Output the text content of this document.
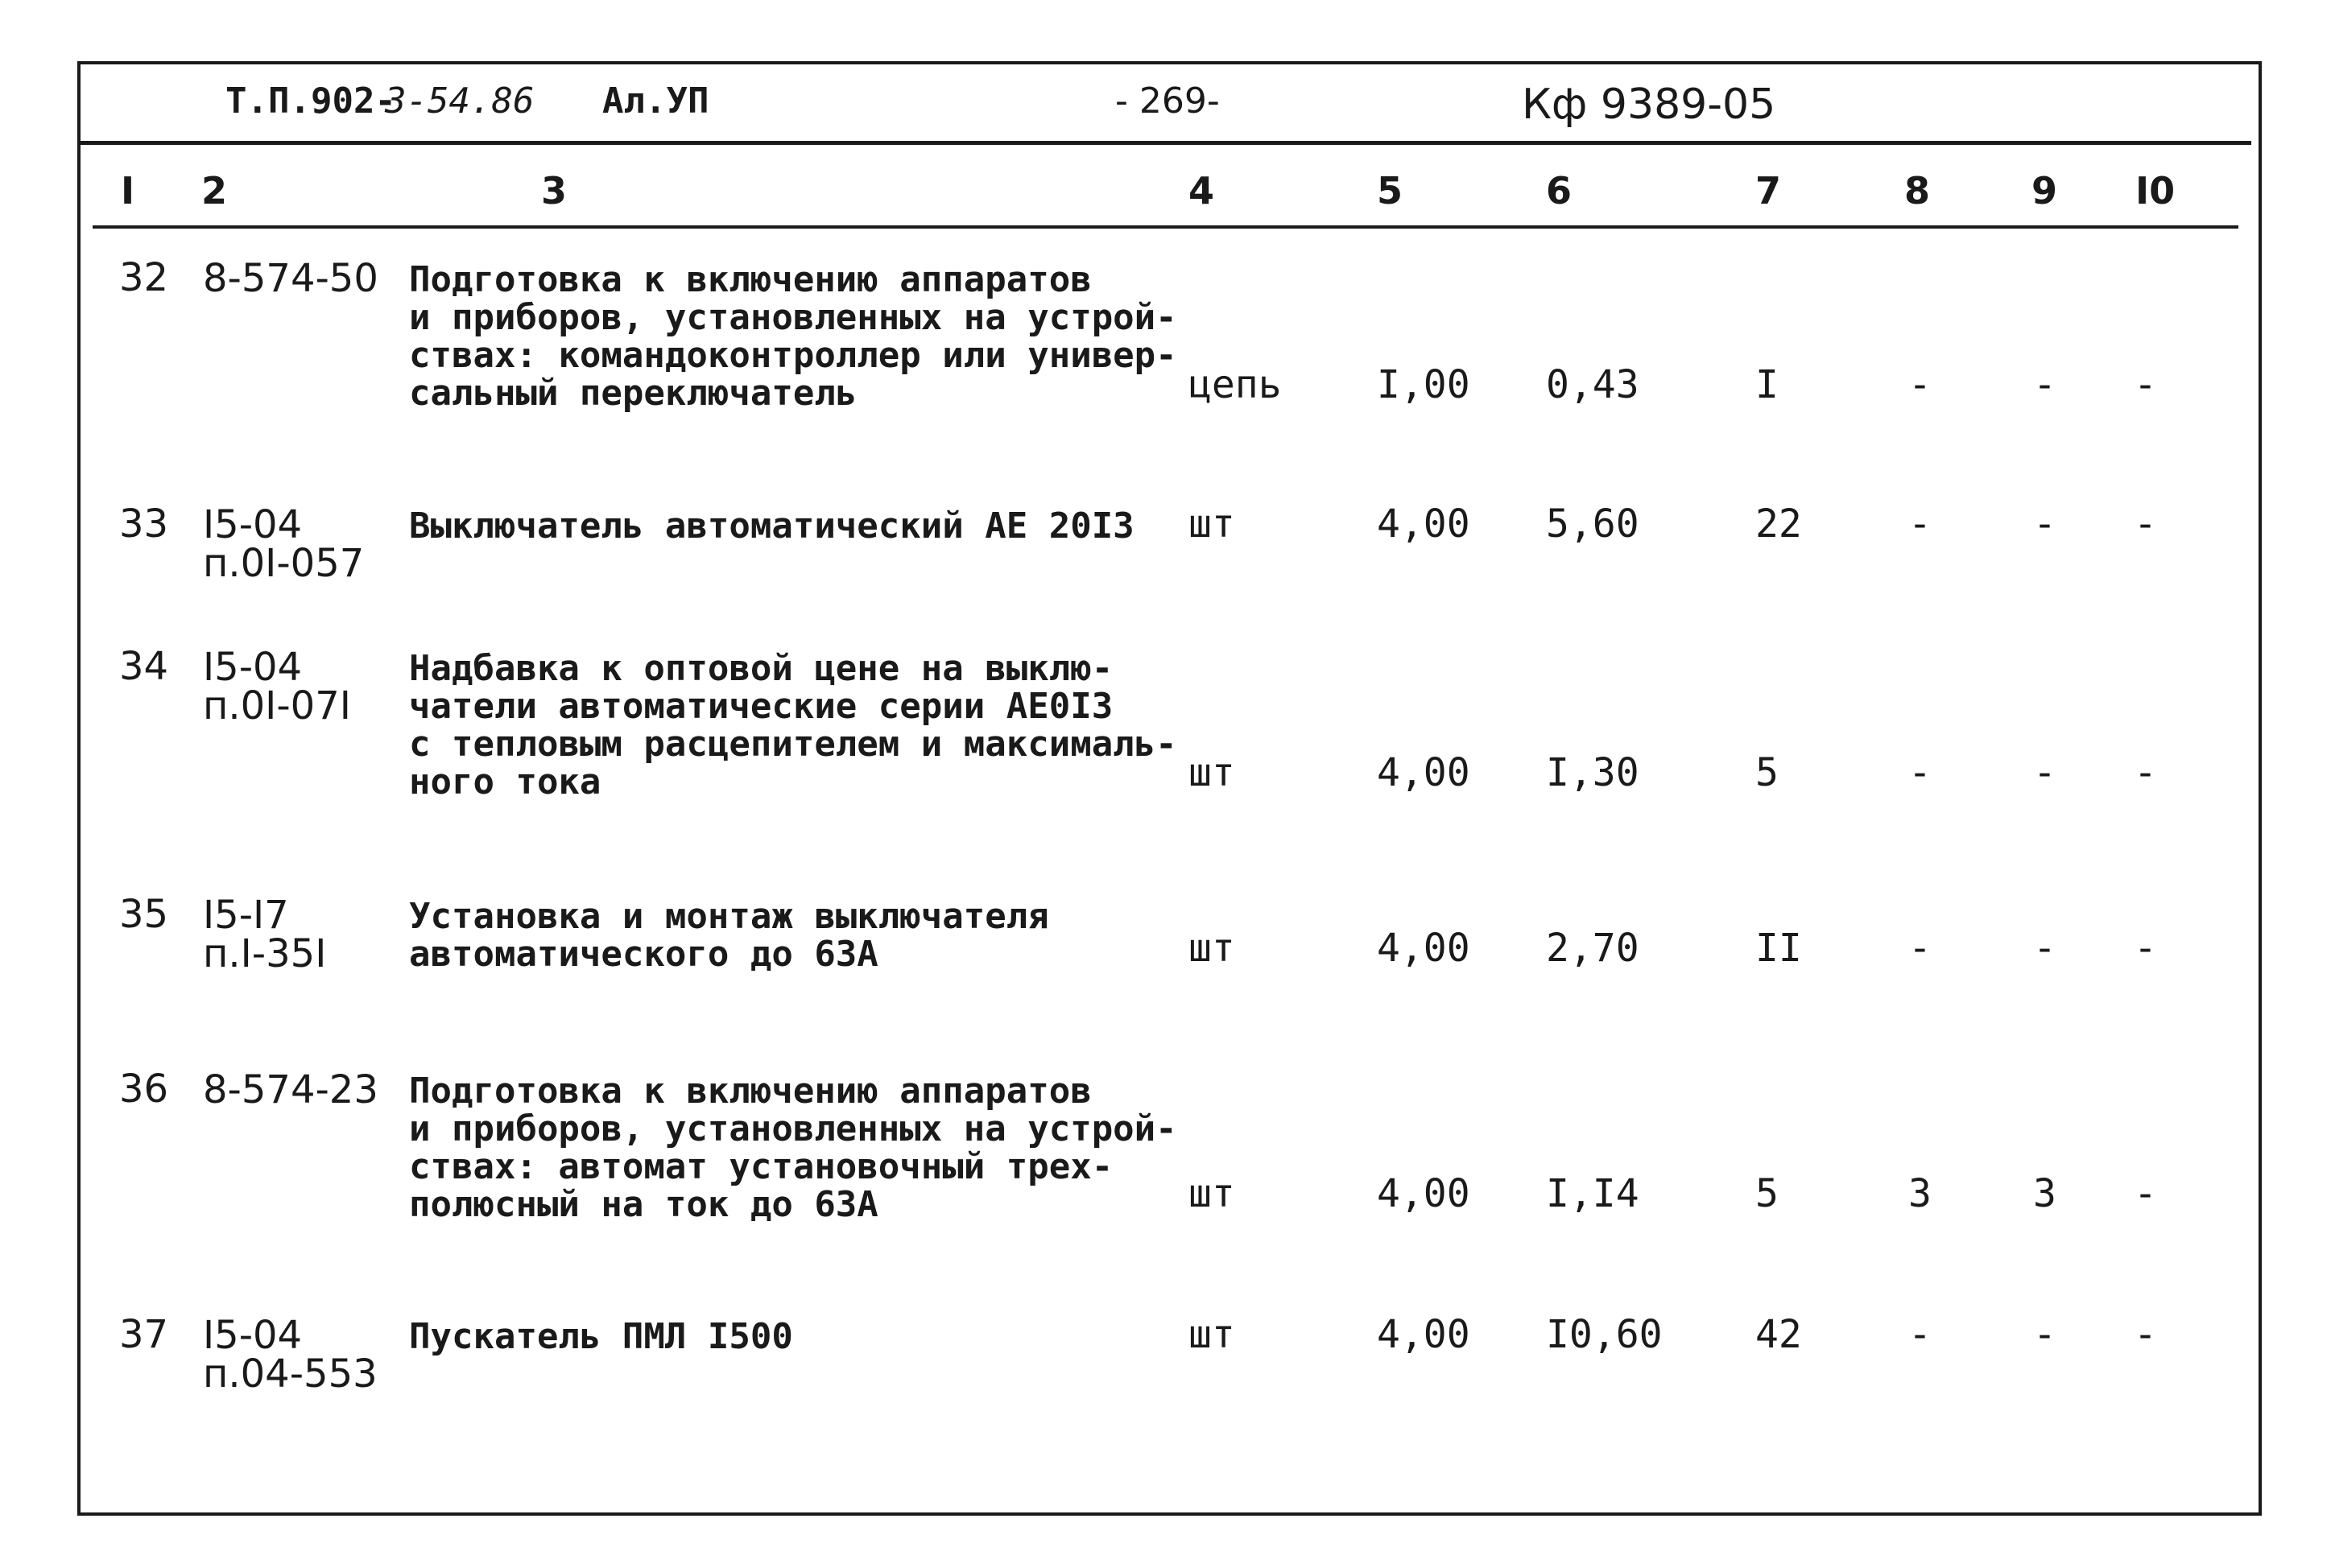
Т.П.902-
3-54.86 Ал.УП	- 269-	Кф 9389-05
I 2	3	4	5	6	7	8	9 I0
32 8-574-50 Подготовка к включению аппаратов
и приборов, установленных на устрой-
ствах: командоконтроллер или универ-
сальный переключатель	цепь I,00 0,43	I	-	- -
33 I5-04
п.0I-057
Выключатель автоматический АЕ 20I3 шт	4,00 5,60	22	-	- -
34 I5-04
п.0I-07I
Надбавка к оптовой цене на выклю-
чатели автоматические серии АЕ0I3
с тепловым расцепителем и максималь-
ного тока	шт	4,00 I,30	5	-	- -
35 I5-I7
п.I-35I
Установка и монтаж выключателя
автоматического до 63А	шт	4,00 2,70	II	-	- -
36 8-574-23 Подготовка к включению аппаратов
и приборов, установленных на устрой-
ствах: автомат установочный трех-
полюсный на ток до 63А	шт	4,00 I,I4	5	3	3 -
37 I5-04
п.04-553
Пускатель ПМЛ I500	шт	4,00 I0,60 42	-	- -
